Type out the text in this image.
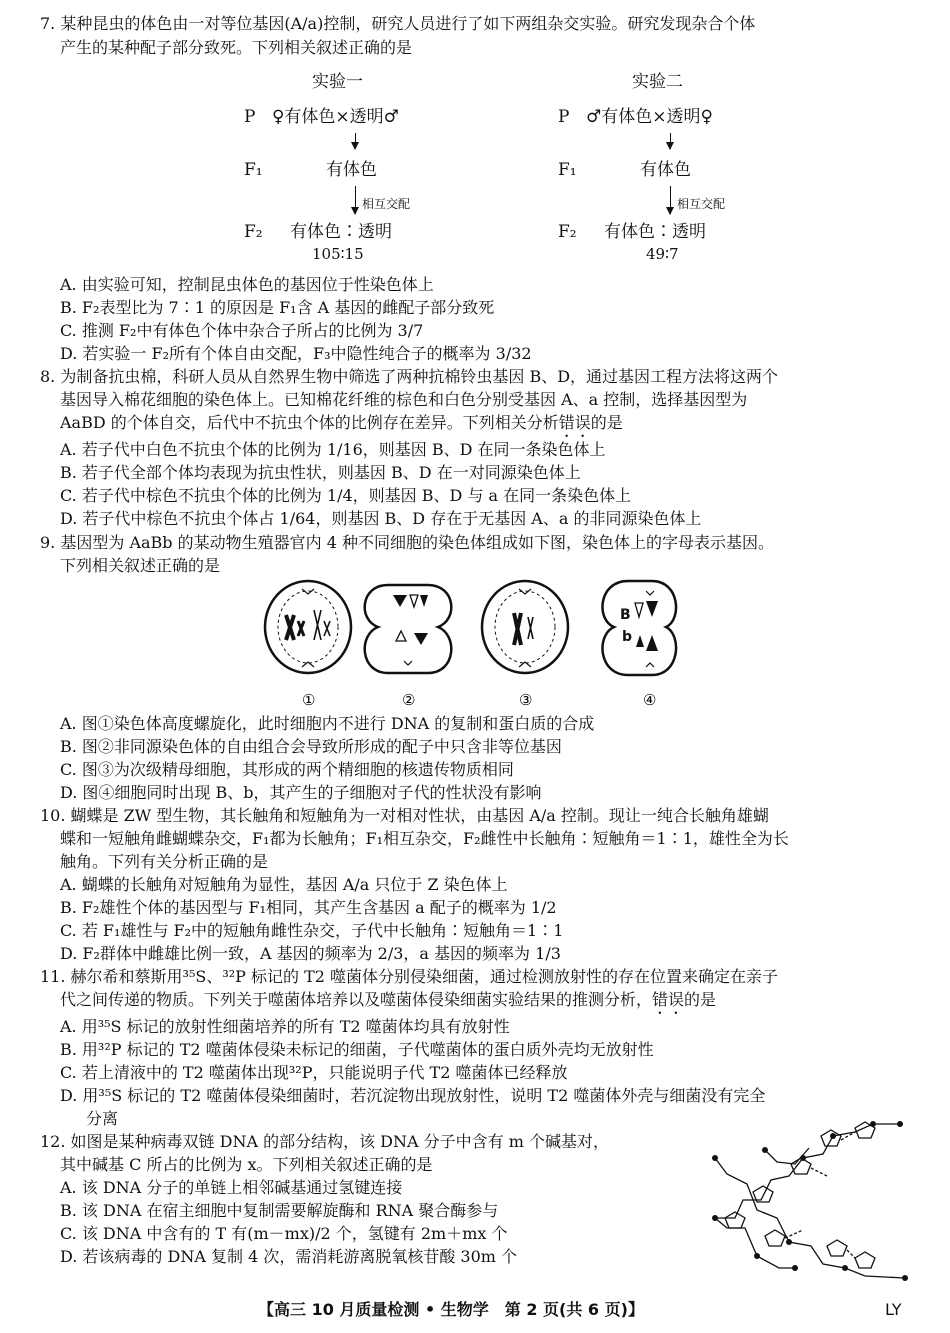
7. 某种昆虫的体色由一对等位基因(A/a)控制，研究人员进行了如下两组杂交实验。研究发现杂合个体
产生的某种配子部分致死。下列相关叙述正确的是
实验一
P ♀有体色×透明♂
F₁	有体色
相互交配
F₂ 有体色∶透明
105∶15
实验二
P ♂有体色×透明♀
F₁	有体色
相互交配
F₂ 有体色∶透明
49∶7
A. 由实验可知，控制昆虫体色的基因位于性染色体上
B. F₂表型比为 7∶1 的原因是 F₁含 A 基因的雌配子部分致死
C. 推测 F₂中有体色个体中杂合子所占的比例为 3/7
D. 若实验一 F₂所有个体自由交配，F₃中隐性纯合子的概率为 3/32
8. 为制备抗虫棉，科研人员从自然界生物中筛选了两种抗棉铃虫基因 B、D，通过基因工程方法将这两个
基因导入棉花细胞的染色体上。已知棉花纤维的棕色和白色分别受基因 A、a 控制，选择基因型为
AaBD 的个体自交，后代中不抗虫个体的比例存在差异。下列相关分析错误的是
A. 若子代中白色不抗虫个体的比例为 1/16，则基因 B、D 在同一条染色体上
B. 若子代全部个体均表现为抗虫性状，则基因 B、D 在一对同源染色体上
C. 若子代中棕色不抗虫个体的比例为 1/4，则基因 B、D 与 a 在同一条染色体上
D. 若子代中棕色不抗虫个体占 1/64，则基因 B、D 存在于无基因 A、a 的非同源染色体上
9. 基因型为 AaBb 的某动物生殖器官内 4 种不同细胞的染色体组成如下图，染色体上的字母表示基因。
下列相关叙述正确的是
B
b
①	②	③	④
A. 图①染色体高度螺旋化，此时细胞内不进行 DNA 的复制和蛋白质的合成
B. 图②非同源染色体的自由组合会导致所形成的配子中只含非等位基因
C. 图③为次级精母细胞，其形成的两个精细胞的核遗传物质相同
D. 图④细胞同时出现 B、b，其产生的子细胞对子代的性状没有影响
10. 蝴蝶是 ZW 型生物，其长触角和短触角为一对相对性状，由基因 A/a 控制。现让一纯合长触角雄蝴
蝶和一短触角雌蝴蝶杂交，F₁都为长触角；F₁相互杂交，F₂雌性中长触角∶短触角＝1∶1，雄性全为长
触角。下列有关分析正确的是
A. 蝴蝶的长触角对短触角为显性，基因 A/a 只位于 Z 染色体上
B. F₂雄性个体的基因型与 F₁相同，其产生含基因 a 配子的概率为 1/2
C. 若 F₁雄性与 F₂中的短触角雌性杂交，子代中长触角∶短触角＝1∶1
D. F₂群体中雌雄比例一致，A 基因的频率为 2/3，a 基因的频率为 1/3
11. 赫尔希和蔡斯用³⁵S、³²P 标记的 T2 噬菌体分别侵染细菌，通过检测放射性的存在位置来确定在亲子
代之间传递的物质。下列关于噬菌体培养以及噬菌体侵染细菌实验结果的推测分析，错误的是
A. 用³⁵S 标记的放射性细菌培养的所有 T2 噬菌体均具有放射性
B. 用³²P 标记的 T2 噬菌体侵染未标记的细菌，子代噬菌体的蛋白质外壳均无放射性
C. 若上清液中的 T2 噬菌体出现³²P，只能说明子代 T2 噬菌体已经释放
D. 用³⁵S 标记的 T2 噬菌体侵染细菌时，若沉淀物出现放射性，说明 T2 噬菌体外壳与细菌没有完全
分离
12. 如图是某种病毒双链 DNA 的部分结构，该 DNA 分子中含有 m 个碱基对，
其中碱基 C 所占的比例为 x。下列相关叙述正确的是
A. 该 DNA 分子的单链上相邻碱基通过氢键连接
B. 该 DNA 在宿主细胞中复制需要解旋酶和 RNA 聚合酶参与
C. 该 DNA 中含有的 T 有(m－mx)/2 个，氢键有 2m＋mx 个
D. 若该病毒的 DNA 复制 4 次，需消耗游离脱氧核苷酸 30m 个
【高三 10 月质量检测 • 生物学　第 2 页(共 6 页)】	LY
